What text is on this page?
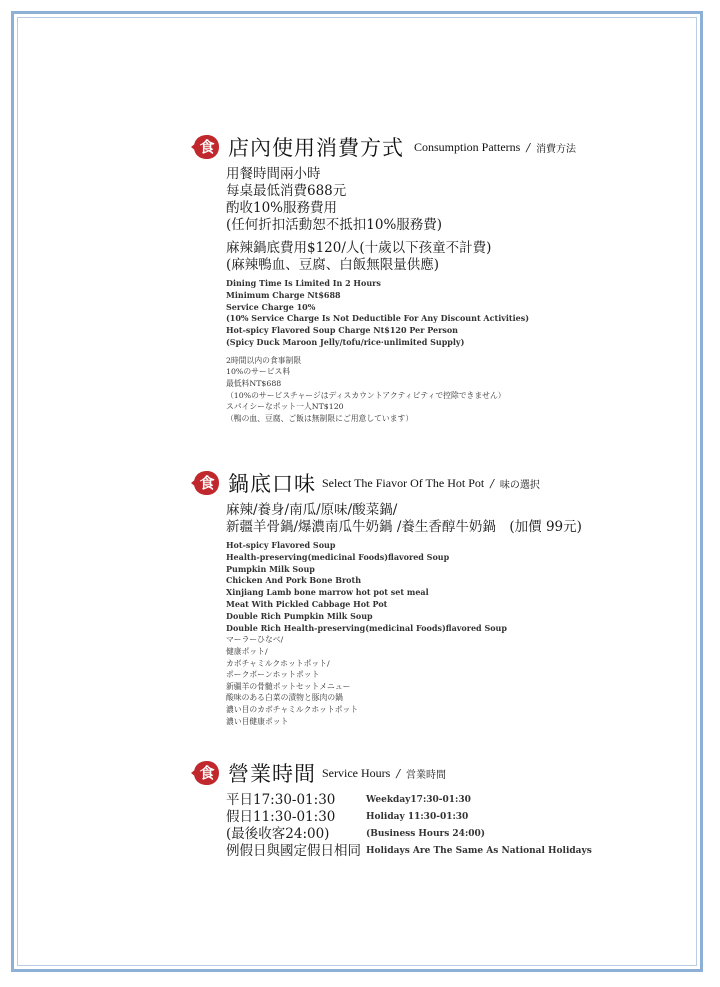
食 店內使用消費方式 Consumption Patterns / 消費方法
用餐時間兩小時
每桌最低消費688元
酌收10%服務費用
(任何折扣活動恕不抵扣10%服務費)
麻辣鍋底費用$120/人(十歲以下孩童不計費)
(麻辣鴨血、豆腐、白飯無限量供應)
Dining Time Is Limited In 2 Hours
Minimum Charge Nt$688
Service Charge 10%
(10% Service Charge Is Not Deductible For Any Discount Activities)
Hot-spicy Flavored Soup Charge Nt$120 Per Person
(Spicy Duck Maroon Jelly/tofu/rice·unlimited Supply)
2時間以内の食事制限
10%のサービス料
最低料NT$688
（10%のサービスチャージはディスカウントアクティビティで控除できません）
スパイシーなポット一人NT$120
（鴨の血、豆腐、ご飯は無制限にご用意しています）
食 鍋底口味 Select The Fiavor Of The Hot Pot / 味の選択
麻辣/養身/南瓜/原味/酸菜鍋/
新疆羊骨鍋/爆濃南瓜牛奶鍋 /養生香醇牛奶鍋　(加價 99元)
Hot-spicy Flavored Soup
Health-preserving(medicinal Foods)flavored Soup
Pumpkin Milk Soup
Chicken And Pork Bone Broth
Xinjiang Lamb bone marrow hot pot set meal
Meat With Pickled Cabbage Hot Pot
Double Rich Pumpkin Milk Soup
Double Rich Health-preserving(medicinal Foods)flavored Soup
マーラーひなべ/
健康ポット/
カボチャミルクホットポット/
ポークボーンホットポット
新疆羊の骨髄ポットセットメニュー
酸味のある白菜の漬物と豚肉の鍋
濃い目のカボチャミルクホットポット
濃い目健康ポット
食 營業時間 Service Hours / 営業時間
平日17:30-01:30	Weekday17:30-01:30
假日11:30-01:30	Holiday 11:30-01:30
(最後收客24:00)	(Business Hours 24:00)
例假日與國定假日相同 Holidays Are The Same As National Holidays
